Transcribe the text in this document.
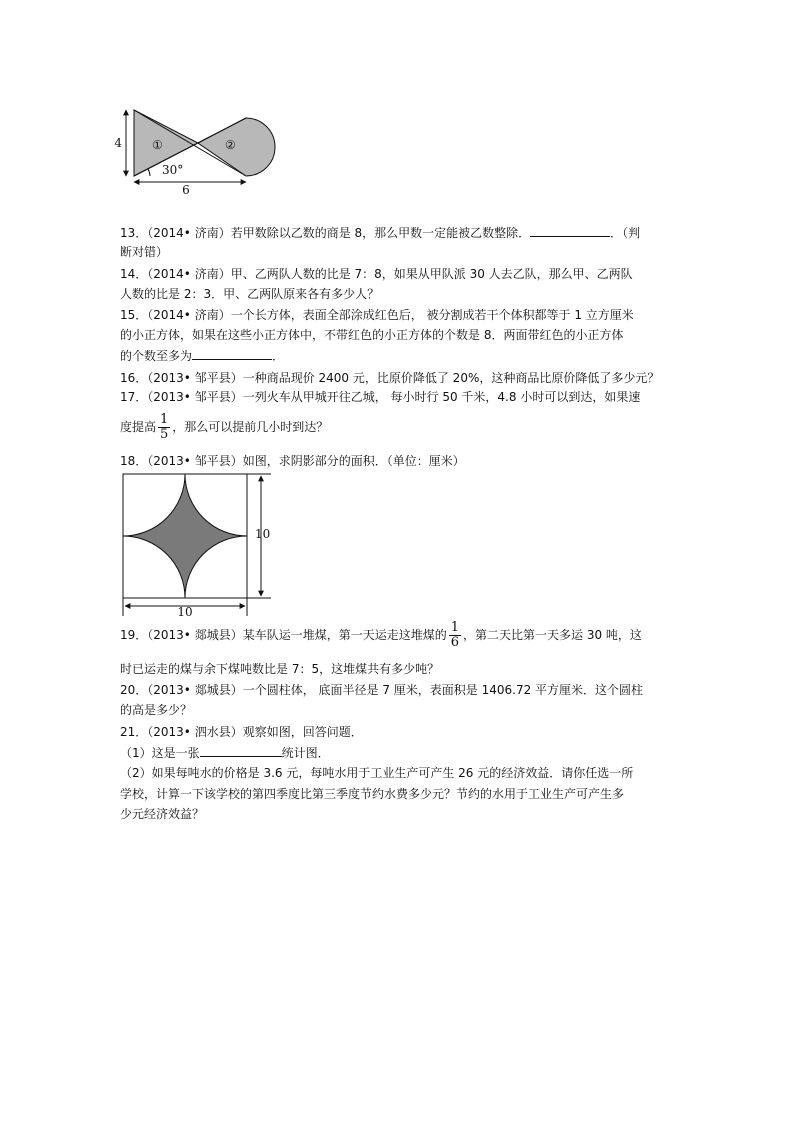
4
6
30°
①	②
13．（2014• 济南）若甲数除以乙数的商是 8，那么甲数一定能被乙数整除．	．（判
断对错）
14．（2014• 济南）甲、乙两队人数的比是 7：8，如果从甲队派 30 人去乙队，那么甲、乙两队
人数的比是 2：3．甲、乙两队原来各有多少人？
15．（2014• 济南）一个长方体，表面全部涂成红色后， 被分割成若干个体积都等于 1 立方厘米
的小正方体，如果在这些小正方体中，不带红色的小正方体的个数是 8．两面带红色的小正方体
的个数至多为	．
16．（2013• 邹平县）一种商品现价 2400 元，比原价降低了 20%，这种商品比原价降低了多少元？
17．（2013• 邹平县）一列火车从甲城开往乙城， 每小时行 50 千米，4.8 小时可以到达，如果速
度提高 $\frac{1}{5}$ ，那么可以提前几小时到达？
18．（2013• 邹平县）如图，求阴影部分的面积．（单位：厘米）
10
10
19．（2013• 郯城县）某车队运一堆煤，第一天运走这堆煤的 $\frac{1}{6}$ ，第二天比第一天多运 30 吨，这
时已运走的煤与余下煤吨数比是 7：5，这堆煤共有多少吨？
20．（2013• 郯城县）一个圆柱体， 底面半径是 7 厘米，表面积是 1406.72 平方厘米．这个圆柱
的高是多少？
21．（2013• 泗水县）观察如图，回答问题．
（1）这是一张	统计图．
（2）如果每吨水的价格是 3.6 元，每吨水用于工业生产可产生 26 元的经济效益．请你任选一所
学校，计算一下该学校的第四季度比第三季度节约水费多少元？节约的水用于工业生产可产生多
少元经济效益？
